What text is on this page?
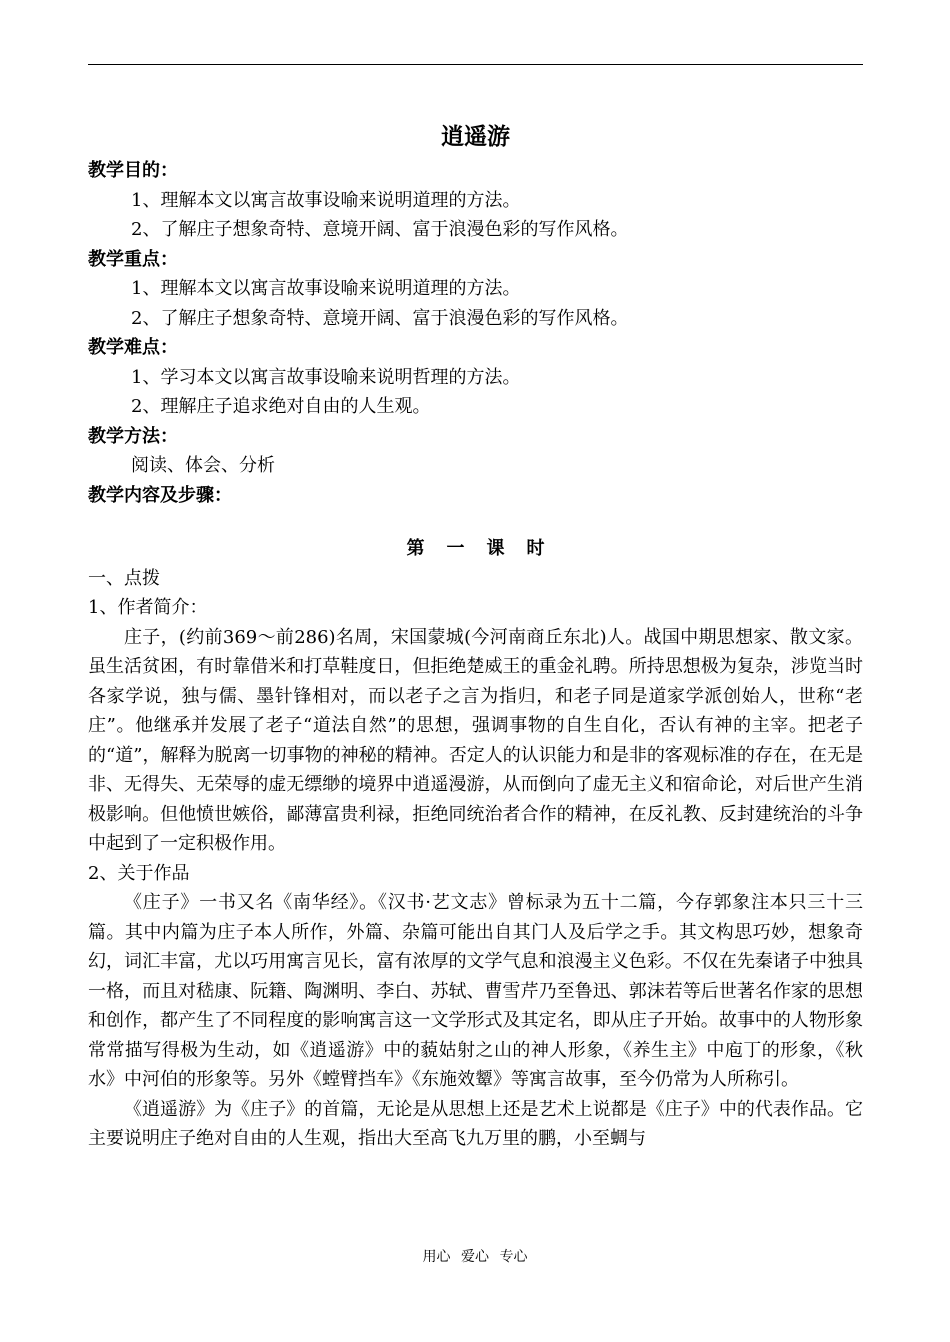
逍遥游

教学目的：

1、理解本文以寓言故事设喻来说明道理的方法。

2、了解庄子想象奇特、意境开阔、富于浪漫色彩的写作风格。

教学重点：

1、理解本文以寓言故事设喻来说明道理的方法。

2、了解庄子想象奇特、意境开阔、富于浪漫色彩的写作风格。

教学难点：

1、学习本文以寓言故事设喻来说明哲理的方法。

2、理解庄子追求绝对自由的人生观。

教学方法：

阅读、体会、分析

教学内容及步骤：

第一课时

一、点拨

1、作者简介：

庄子，(约前369～前286)名周，宋国蒙城(今河南商丘东北)人。战国中期思想家、散文家。虽生活贫困，有时靠借米和打草鞋度日，但拒绝楚威王的重金礼聘。所持思想极为复杂，涉览当时各家学说，独与儒、墨针锋相对，而以老子之言为指归，和老子同是道家学派创始人，世称“老庄”。他继承并发展了老子“道法自然”的思想，强调事物的自生自化，否认有神的主宰。把老子的“道”，解释为脱离一切事物的神秘的精神。否定人的认识能力和是非的客观标准的存在，在无是非、无得失、无荣辱的虚无缥缈的境界中逍遥漫游，从而倒向了虚无主义和宿命论，对后世产生消极影响。但他愤世嫉俗，鄙薄富贵利禄，拒绝同统治者合作的精神，在反礼教、反封建统治的斗争中起到了一定积极作用。

2、关于作品

《庄子》一书又名《南华经》。《汉书·艺文志》曾标录为五十二篇，今存郭象注本只三十三篇。其中内篇为庄子本人所作，外篇、杂篇可能出自其门人及后学之手。其文构思巧妙，想象奇幻，词汇丰富，尤以巧用寓言见长，富有浓厚的文学气息和浪漫主义色彩。不仅在先秦诸子中独具一格，而且对嵇康、阮籍、陶渊明、李白、苏轼、曹雪芹乃至鲁迅、郭沫若等后世著名作家的思想和创作，都产生了不同程度的影响寓言这一文学形式及其定名，即从庄子开始。故事中的人物形象常常描写得极为生动，如《逍遥游》中的藐姑射之山的神人形象，《养生主》中庖丁的形象，《秋水》中河伯的形象等。另外《螳臂挡车》《东施效颦》等寓言故事，至今仍常为人所称引。

《逍遥游》为《庄子》的首篇，无论是从思想上还是艺术上说都是《庄子》中的代表作品。它主要说明庄子绝对自由的人生观，指出大至高飞九万里的鹏，小至蜩与

用心 爱心 专心
